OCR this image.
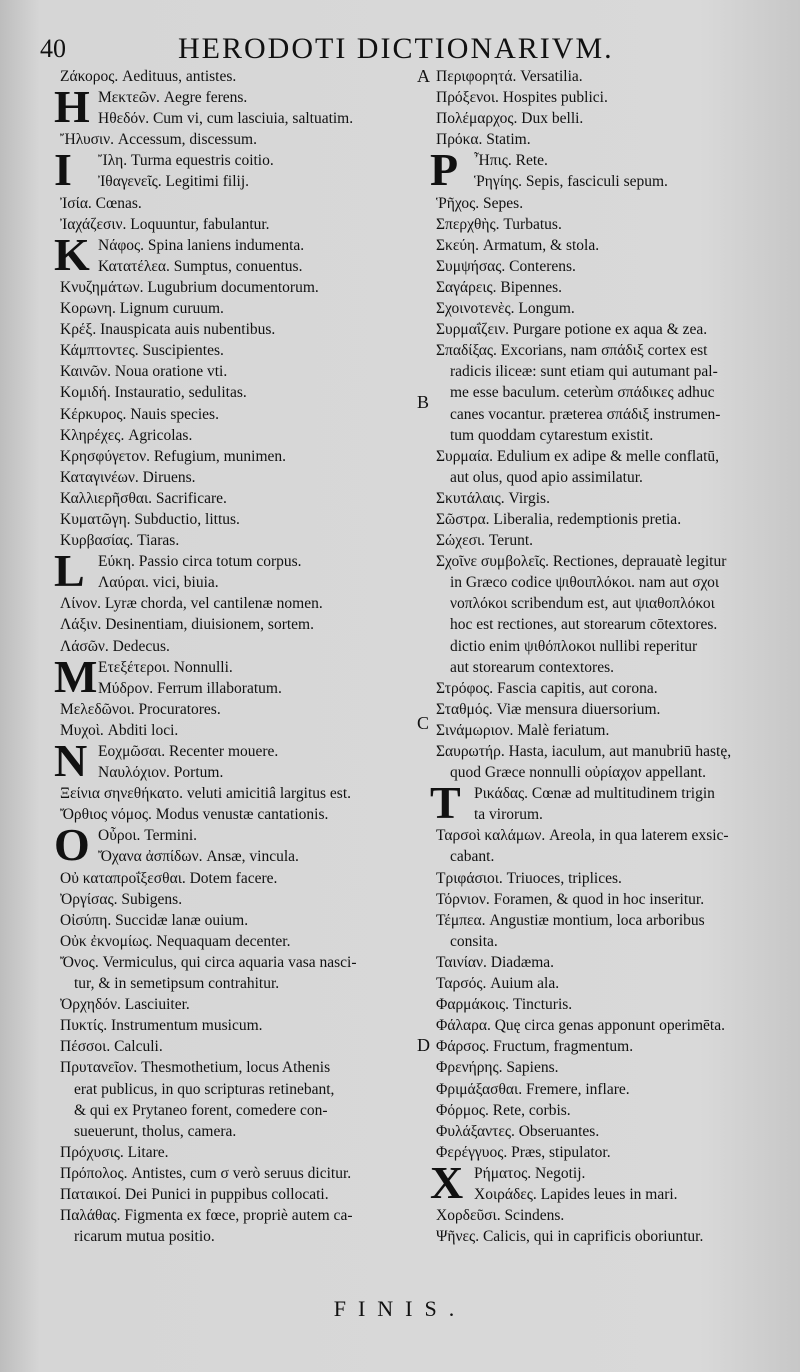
40	HERODOTI DICTIONARIVM.
Ζάκορος. Aedituus, antistes.
H Μεκτεῶν. Aegre ferens.
Ηθεδόν. Cum vi, cum lasciuia, saltuatim.
Ἤλυσιν. Accessum, discessum.
I Ἴλη. Turma equestris coitio.
Ἰθαγενεῖς. Legitimi filij.
Ἰσία. Cœnas.
Ἰαχάζεσιν. Loquuntur, fabulantur.
K Νάφος. Spina laniens indumenta.
Κατατέλεα. Sumptus, conuentus.
Κνυζημάτων. Lugubrium documentorum.
Κορωνη. Lignum curuum.
Κρέξ. Inauspicata auis nubentibus.
Κάμπτοντες. Suscipientes.
Καινῶν. Noua oratione vti.
Κομιδή. Instauratio, sedulitas.
Κέρκυρος. Nauis species.
Κληρέχες. Agricolas.
Κρησφύγετον. Refugium, munimen.
Καταγινέων. Diruens.
Καλλιερῆσθαι. Sacrificare.
Κυματῶγη. Subductio, littus.
Κυρβασίας. Tiaras.
L Εύκη. Passio circa totum corpus.
Λαύραι. vici, biuia.
Λίνον. Lyræ chorda, vel cantilenæ nomen.
Λάξιν. Desinentiam, diuisionem, sortem.
Λάσῶν. Dedecus.
M Ετεξέτεροι. Nonnulli.
Μύδρον. Ferrum illaboratum.
Μελεδῶνοι. Procuratores.
Μυχοὶ. Abditi loci.
N Εοχμῶσαι. Recenter mouere.
Ναυλόχιον. Portum.
Ξείνια σηνεθήκατο. veluti amicitiâ largitus est.
Ὄρθιος νόμος. Modus venustæ cantationis.
O Οὖροι. Termini.
Ὄχανα ἀσπίδων. Ansæ, vincula.
Οὐ καταπροΐξεσθαι. Dotem facere.
Ὀργίσας. Subigens.
Οἰσύπη. Succidæ lanæ ouium.
Οὐκ ἐκνομίως. Nequaquam decenter.
Ὄνος. Vermiculus, qui circa aquaria vasa nasci-
tur, & in semetipsum contrahitur.
Ὀρχηδόν. Lasciuiter.
Πυκτίς. Instrumentum musicum.
Πέσσοι. Calculi.
Πρυτανεῖον. Thesmothetium, locus Athenis
erat publicus, in quo scripturas retinebant,
& qui ex Prytaneo forent, comedere con-
sueuerunt, tholus, camera.
Πρόχυσις. Litare.
Πρόπολος. Antistes, cum σ verò seruus dicitur.
Παταικοί. Dei Punici in puppibus collocati.
Παλάθας. Figmenta ex fœce, propriè autem ca-
ricarum mutua positio.
Περιφορητά. Versatilia.
Πρόξενοι. Hospites publici.
Πολέμαρχος. Dux belli.
Πρόκα. Statim.
P Ἦπις. Rete.
Ῥηγίης. Sepis, fasciculi sepum.
Ῥῆχος. Sepes.
Σπερχθὴς. Turbatus.
Σκεύη. Armatum, & stola.
Συμψήσας. Conterens.
Σαγάρεις. Bipennes.
Σχοινοτενὲς. Longum.
Συρμαΐζειν. Purgare potione ex aqua & zea.
Σπαδίξας. Excorians, nam σπάδιξ cortex est
radicis iliceæ: sunt etiam qui autumant pal-
me esse baculum. ceterùm σπάδικες adhuc
canes vocantur. præterea σπάδιξ instrumen-
tum quoddam cytarestum existit.
Συρμαία. Edulium ex adipe & melle conflatū,
aut olus, quod apio assimilatur.
Σκυτάλαις. Virgis.
Σῶστρα. Liberalia, redemptionis pretia.
Σώχεσι. Terunt.
Σχοῖνε συμβολεῖς. Rectiones, deprauatè legitur
in Græco codice ψιθοιπλόκοι. nam aut σχοι
νοπλόκοι scribendum est, aut ψιαθοπλόκοι
hoc est rectiones, aut storearum cōtextores.
dictio enim ψιθόπλοκοι nullibi reperitur
aut storearum contextores.
Στρόφος. Fascia capitis, aut corona.
Σταθμός. Viæ mensura diuersorium.
Σινάμωριον. Malè feriatum.
Σαυρωτήρ. Hasta, iaculum, aut manubriū hastę,
quod Græce nonnulli οὐρίαχον appellant.
T Ρικάδας. Cœnæ ad multitudinem trigin
ta virorum.
Ταρσοὶ καλάμων. Areola, in qua laterem exsic-
cabant.
Τριφάσιοι. Triuoces, triplices.
Τόρνιον. Foramen, & quod in hoc inseritur.
Τέμπεα. Angustiæ montium, loca arboribus
consita.
Ταινίαν. Diadæma.
Ταρσός. Auium ala.
Φαρμάκοις. Tincturis.
Φάλαρα. Quę circa genas apponunt operimēta.
Φάρσος. Fructum, fragmentum.
Φρενήρης. Sapiens.
Φριμάξασθαι. Fremere, inflare.
Φόρμος. Rete, corbis.
Φυλάξαντες. Obseruantes.
Φερέγγυος. Præs, stipulator.
X Ρήματος. Negotij.
Χοιράδες. Lapides leues in mari.
Χορδεῦσι. Scindens.
Ψῆνες. Calicis, qui in caprificis oboriuntur.
A
B
C
D
FINIS.
